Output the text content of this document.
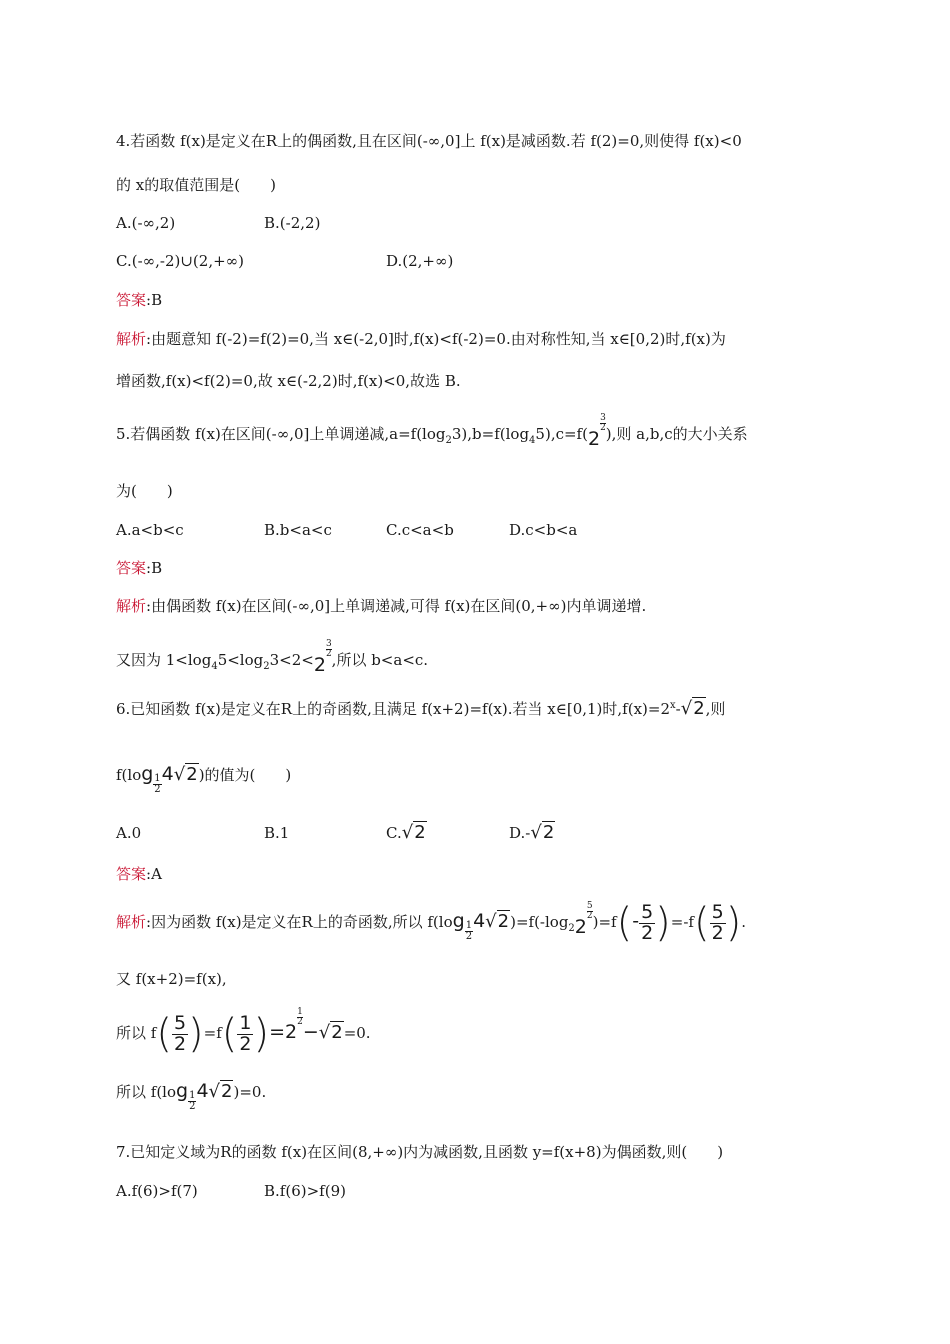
4.若函数 f(x)是定义在R上的偶函数,且在区间(-∞,0]上 f(x)是减函数.若 f(2)=0,则使得 f(x)<0
的 x的取值范围是(　　)
A.(-∞,2)	B.(-2,2)
C.(-∞,-2)∪(2,+∞)	D.(2,+∞)
答案:B
解析:由题意知 f(-2)=f(2)=0,当 x∈(-2,0]时,f(x)<f(-2)=0.由对称性知,当 x∈[0,2)时,f(x)为
增函数,f(x)<f(2)=0,故 x∈(-2,2)时,f(x)<0,故选 B.
5.若偶函数 f(x)在区间(-∞,0]上单调递减$,a=f(\log_23),b=f(\log_45),c=f(2$
$\frac{3}{2}$),则 a,b,c的大小关系
为(　　)
A.a<b<c	B.b<a<c	C.c<a<b	D.c<b<a
答案:B
解析:由偶函数 f(x)在区间(-∞,0]上单调递减,可得 f(x)在区间(0,+∞)内单调递增.
又因为 $1<\log_45<\log_23<2<2$
$\frac{3}{2}$,所以 b<a<c.
6.已知函数 f(x)是定义在R上的奇函数,且满足 f(x+2)=f(x).若当 x∈[0,1)时$,f(x)=2^x-√2$,则
$f(\log \frac{1}{2}4√2)$的值为(　　)
A.0	B.1	C.√2	D.-√2
答案:A
解析:因为函数 f(x)是定义在R上的奇函数,所以 $f(\log \frac{1}{2}4√2)=f(-\log_22$
$\frac{5}{2})=f(- \frac{5}{2} )=-f( \frac{5}{2}$ ).
又 f(x+2)=f(x),
所以 $f( \frac{5}{2} )=f( \frac{1}{2} )=2$
$\frac{1}{2}-√2=0$.
所以 $f(\log \frac{1}{2}4√2)=0$.
7.已知定义域为R的函数 f(x)在区间(8,+∞)内为减函数,且函数 y=f(x+8)为偶函数,则(　　)
A.f(6)>f(7)	B.f(6)>f(9)
